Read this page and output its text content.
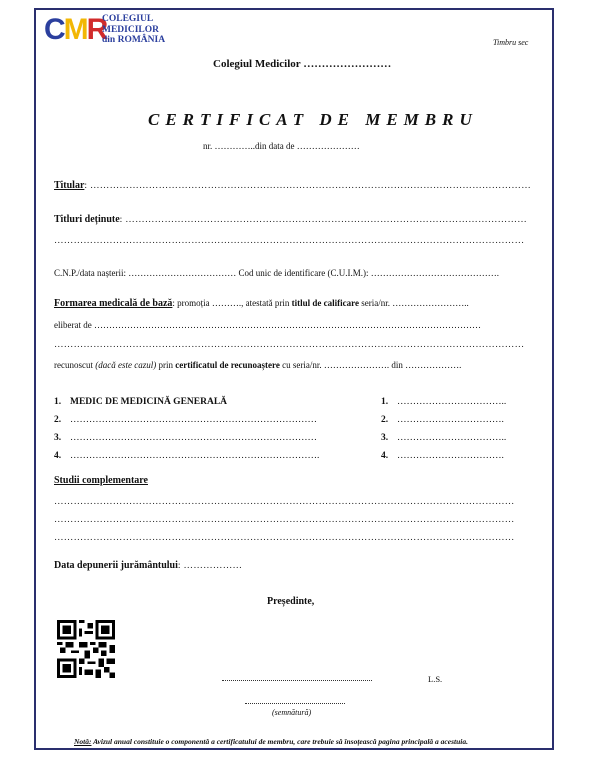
CMR
COLEGIUL
MEDICILOR
din ROMÂNIA	Timbru sec
Colegiul Medicilor ……………………
CERTIFICAT DE MEMBRU
nr. …………..din data de …………………
Titular: ………………………………………………………………………………………………………………………
Titluri deținute: ……………………………………………………………………………………………………………
………………………………………………………………………………………………………………………………
C.N.P./data nașterii: ……………………………… Cod unic de identificare (C.U.I.M.): …………………………………….
Formarea medicală de bază: promoția ………., atestată prin titlul de calificare seria/nr. ……………………..
eliberat de …………………………………………………………………………………………………………………
………………………………………………………………………………………………………………………………
recunoscut (dacă este cazul) prin certificatul de recunoaștere cu seria/nr. …………………. din ……………….
1. MEDIC DE MEDICINĂ GENERALĂ
2. ……………………………………………………………………
3. ……………………………………………………………………
4. …………………………………………………………………….
1. ……………………………..
2. …………………………….
3. ……………………………..
4. …………………………….
Studii complementare
……………………………………………………………………………………………………………………………
……………………………………………………………………………………………………………………………
……………………………………………………………………………………………………………………………
Data depunerii jurământului: ………………
Președinte,
L.S.
(semnătură)
Notă: Avizul anual constituie o componentă a certificatului de membru, care trebuie să însoțească pagina principală a acestuia.
